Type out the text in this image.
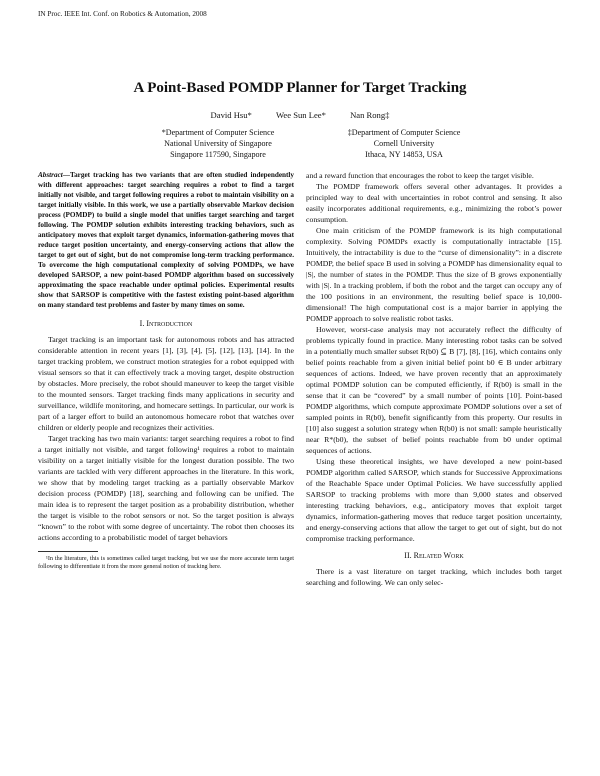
IN Proc. IEEE Int. Conf. on Robotics & Automation, 2008
A Point-Based POMDP Planner for Target Tracking
David Hsu*	Wee Sun Lee*	Nan Rong‡
*Department of Computer Science
National University of Singapore
Singapore 117590, Singapore
‡Department of Computer Science
Cornell University
Ithaca, NY 14853, USA
Abstract—Target tracking has two variants that are often studied independently with different approaches: target searching requires a robot to find a target initially not visible, and target following requires a robot to maintain visibility on a target initially visible. In this work, we use a partially observable Markov decision process (POMDP) to build a single model that unifies target searching and target following. The POMDP solution exhibits interesting tracking behaviors, such as anticipatory moves that exploit target dynamics, information-gathering moves that reduce target position uncertainty, and energy-conserving actions that allow the target to get out of sight, but do not compromise long-term tracking performance. To overcome the high computational complexity of solving POMDPs, we have developed SARSOP, a new point-based POMDP algorithm based on successively approximating the space reachable under optimal policies. Experimental results show that SARSOP is competitive with the fastest existing point-based algorithm on many standard test problems and faster by many times on some.
I. Introduction

Target tracking is an important task for autonomous robots and has attracted considerable attention in recent years [1], [3], [4], [5], [12], [13], [14]. In the target tracking problem, we construct motion strategies for a robot equipped with visual sensors so that it can effectively track a moving target, despite obstruction by obstacles. More precisely, the robot should maneuver to keep the target visible to the mounted sensors. Target tracking finds many applications in security and surveillance, wildlife monitoring, and homecare settings. In particular, our work is part of a larger effort to build an autonomous homecare robot that watches over children or elderly people and recognizes their activities.

Target tracking has two main variants: target searching requires a robot to find a target initially not visible, and target following¹ requires a robot to maintain visibility on a target initially visible for the longest duration possible. The two variants are tackled with very different approaches in the literature. In this work, we show that by modeling target tracking as a partially observable Markov decision process (POMDP) [18], searching and following can be unified. The main idea is to represent the target position as a probability distribution, whether the target is visible to the robot sensors or not. So the target position is always “known” to the robot with some degree of uncertainty. The robot then chooses its actions according to a probabilistic model of target behaviors

¹In the literature, this is sometimes called target tracking, but we use the more accurate term target following to differentiate it from the more general notion of tracking here.

and a reward function that encourages the robot to keep the target visible.

The POMDP framework offers several other advantages. It provides a principled way to deal with uncertainties in robot control and sensing. It also easily incorporates additional requirements, e.g., minimizing the robot’s power consumption.

One main criticism of the POMDP framework is its high computational complexity. Solving POMDPs exactly is computationally intractable [15]. Intuitively, the intractability is due to the “curse of dimensionality”: in a discrete POMDP, the belief space B used in solving a POMDP has dimensionality equal to |S|, the number of states in the POMDP. Thus the size of B grows exponentially with |S|. In a tracking problem, if both the robot and the target can occupy any of the 100 positions in an environment, the resulting belief space is 10,000-dimensional! The high computational cost is a major barrier in applying the POMDP approach to solve realistic robot tasks.

However, worst-case analysis may not accurately reflect the difficulty of problems typically found in practice. Many interesting robot tasks can be solved in a potentially much smaller subset R(b0) ⊆ B [7], [8], [16], which contains only belief points reachable from a given initial belief point b0 ∈ B under arbitrary sequences of actions. Indeed, we have proven recently that an approximately optimal POMDP solution can be computed efficiently, if R(b0) is small in the sense that it can be “covered” by a small number of points [10]. Point-based POMDP algorithms, which compute approximate POMDP solutions over a set of sampled points in R(b0), benefit significantly from this property. Our results in [10] also suggest a solution strategy when R(b0) is not small: sample heuristically near R*(b0), the subset of belief points reachable from b0 under optimal sequences of actions.

Using these theoretical insights, we have developed a new point-based POMDP algorithm called SARSOP, which stands for Successive Approximations of the Reachable Space under Optimal Policies. We have successfully applied SARSOP to tracking problems with more than 9,000 states and observed interesting tracking behaviors, e.g., anticipatory moves that exploit target dynamics, information-gathering moves that reduce target position uncertainty, and energy-conserving actions that allow the target to get out of sight, but do not compromise tracking performance.

II. Related Work

There is a vast literature on target tracking, which includes both target searching and following. We can only selec-
